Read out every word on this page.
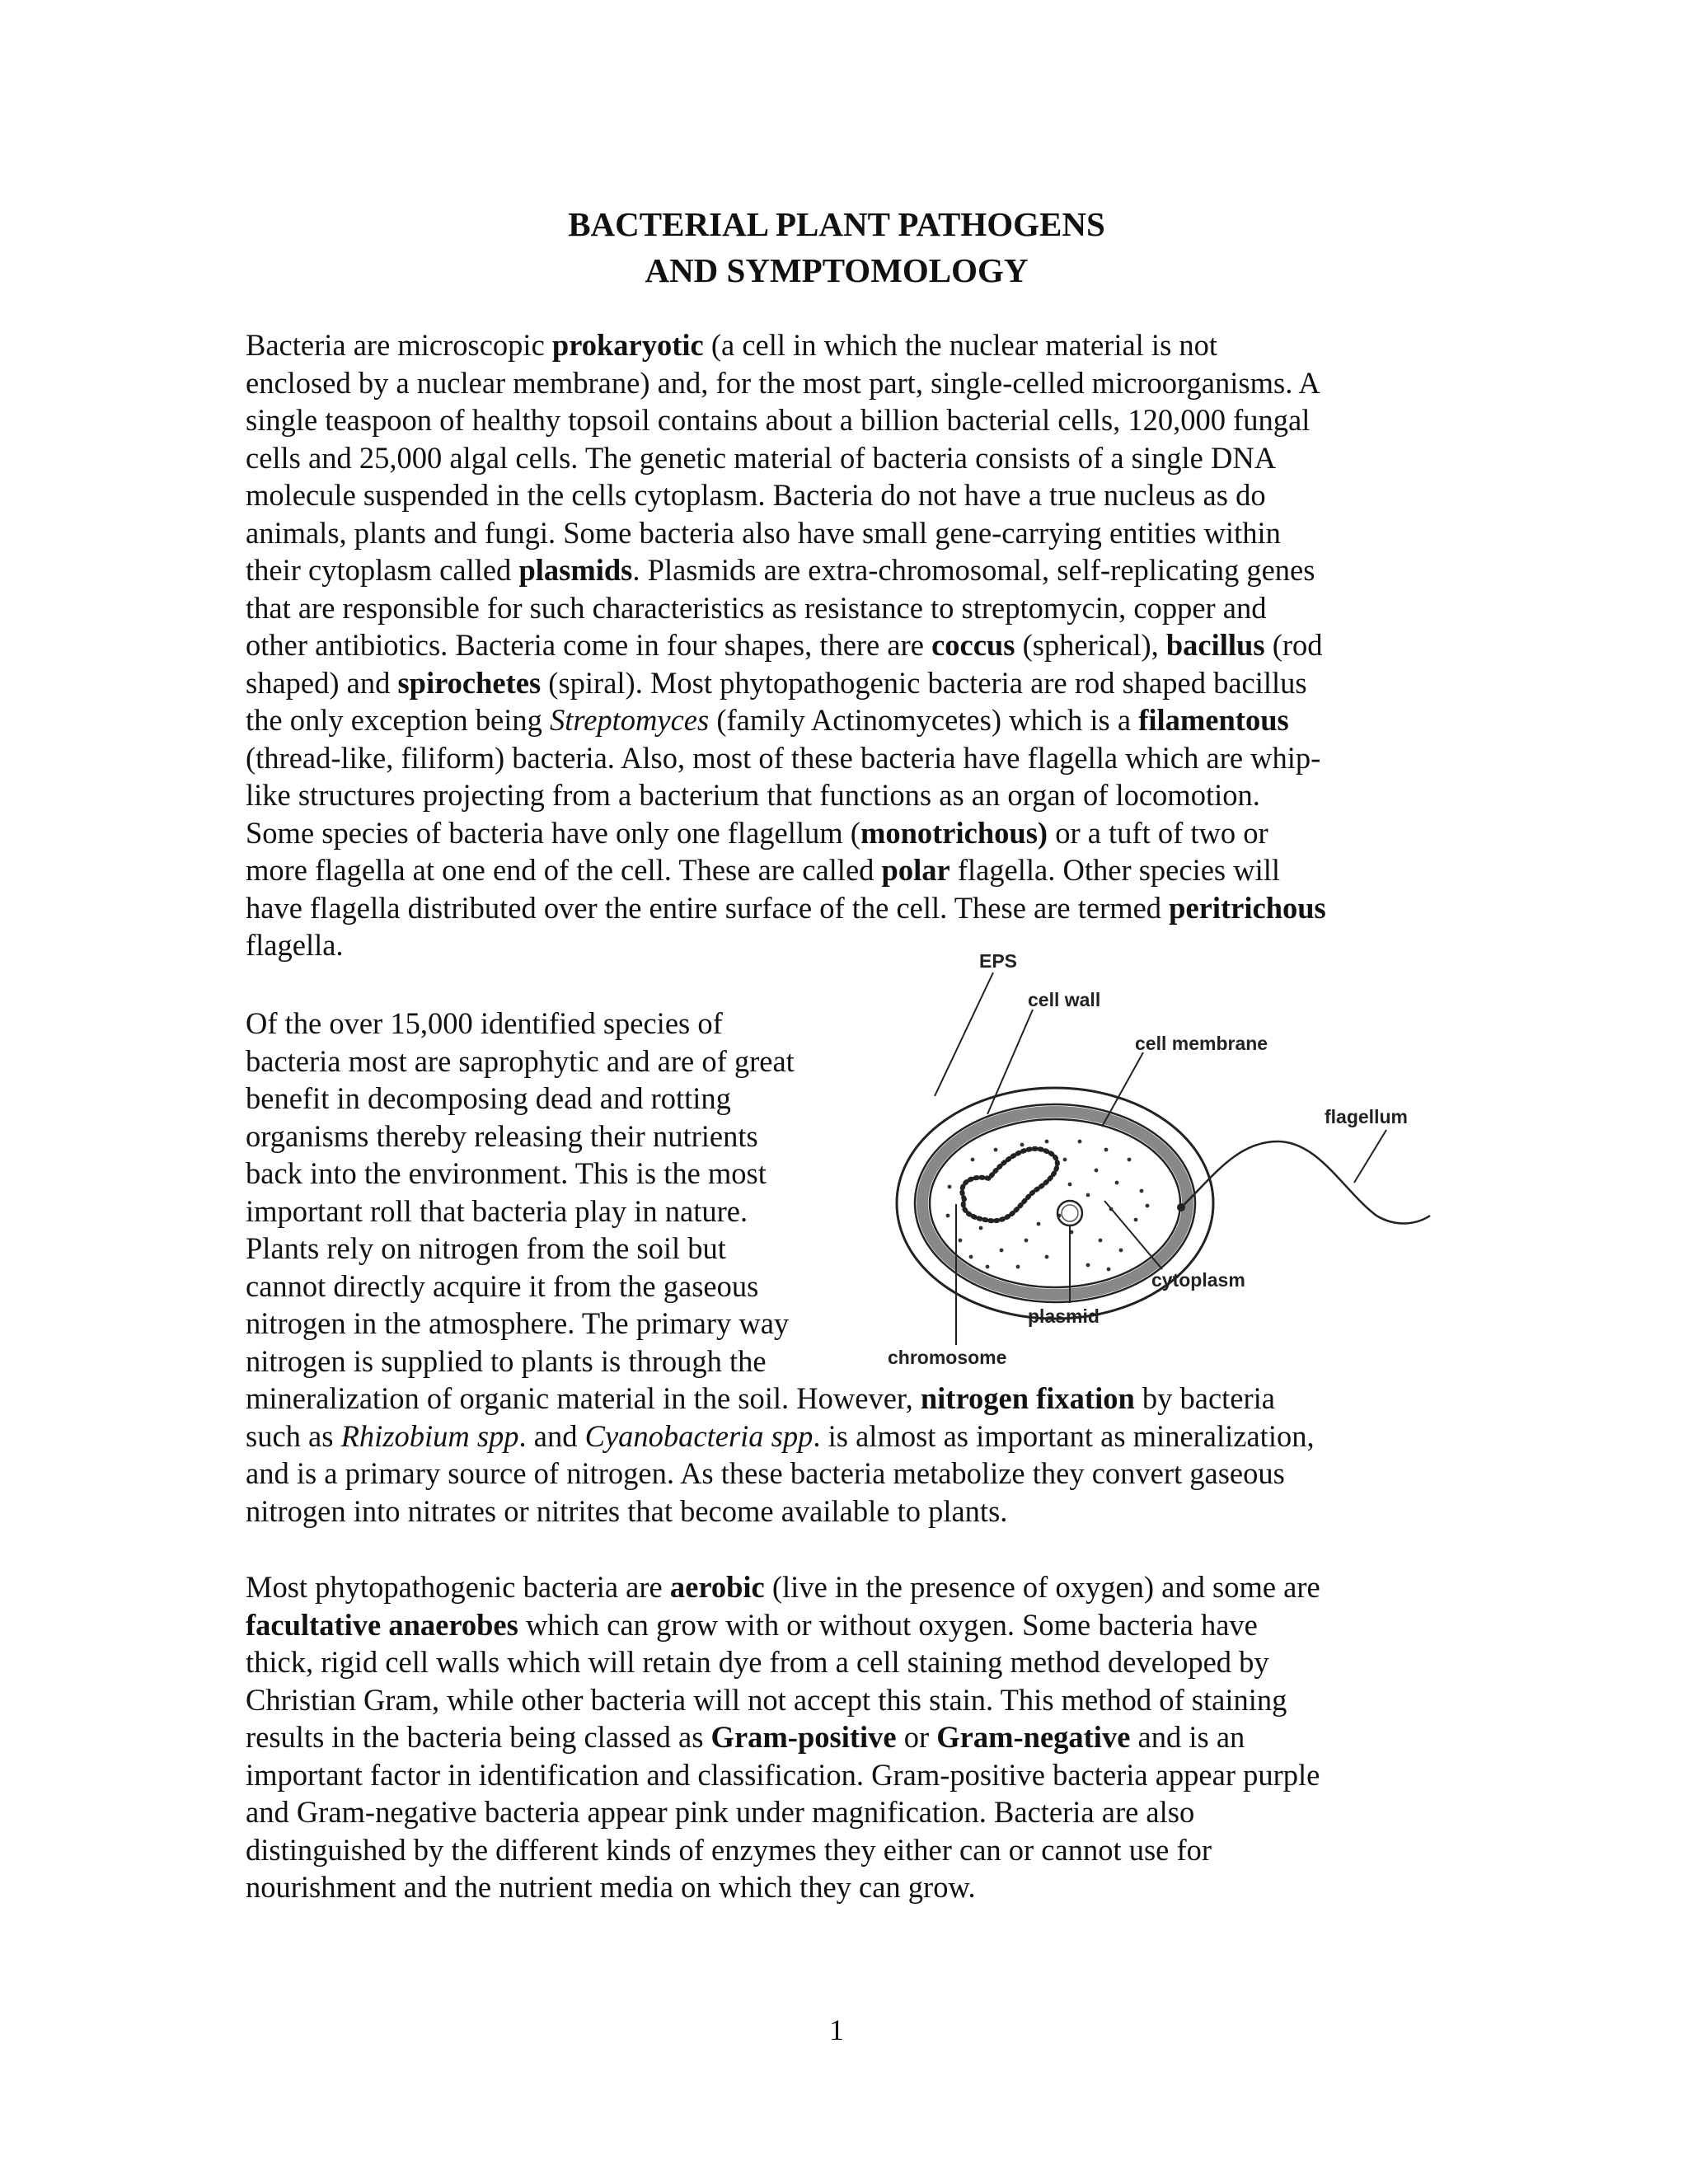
BACTERIAL PLANT PATHOGENS
AND SYMPTOMOLOGY
Bacteria are microscopic prokaryotic (a cell in which the nuclear material is not
enclosed by a nuclear membrane) and, for the most part, single-celled microorganisms. A
single teaspoon of healthy topsoil contains about a billion bacterial cells, 120,000 fungal
cells and 25,000 algal cells. The genetic material of bacteria consists of a single DNA
molecule suspended in the cells cytoplasm. Bacteria do not have a true nucleus as do
animals, plants and fungi. Some bacteria also have small gene-carrying entities within
their cytoplasm called plasmids. Plasmids are extra-chromosomal, self-replicating genes
that are responsible for such characteristics as resistance to streptomycin, copper and
other antibiotics. Bacteria come in four shapes, there are coccus (spherical), bacillus (rod
shaped) and spirochetes (spiral). Most phytopathogenic bacteria are rod shaped bacillus
the only exception being Streptomyces (family Actinomycetes) which is a filamentous
(thread-like, filiform) bacteria. Also, most of these bacteria have flagella which are whip-
like structures projecting from a bacterium that functions as an organ of locomotion.
Some species of bacteria have only one flagellum (monotrichous) or a tuft of two or
more flagella at one end of the cell. These are called polar flagella. Other species will
have flagella distributed over the entire surface of the cell. These are termed peritrichous
flagella.
Of the over 15,000 identified species of
bacteria most are saprophytic and are of great
benefit in decomposing dead and rotting
organisms thereby releasing their nutrients
back into the environment. This is the most
important roll that bacteria play in nature.
Plants rely on nitrogen from the soil but
cannot directly acquire it from the gaseous
nitrogen in the atmosphere. The primary way
nitrogen is supplied to plants is through the
mineralization of organic material in the soil. However, nitrogen fixation by bacteria
such as Rhizobium spp. and Cyanobacteria spp. is almost as important as mineralization,
and is a primary source of nitrogen. As these bacteria metabolize they convert gaseous
nitrogen into nitrates or nitrites that become available to plants.
EPS
cell wall
cell membrane
flagellum
cytoplasm
plasmid
chromosome
Most phytopathogenic bacteria are aerobic (live in the presence of oxygen) and some are
facultative anaerobes which can grow with or without oxygen. Some bacteria have
thick, rigid cell walls which will retain dye from a cell staining method developed by
Christian Gram, while other bacteria will not accept this stain. This method of staining
results in the bacteria being classed as Gram-positive or Gram-negative and is an
important factor in identification and classification. Gram-positive bacteria appear purple
and Gram-negative bacteria appear pink under magnification. Bacteria are also
distinguished by the different kinds of enzymes they either can or cannot use for
nourishment and the nutrient media on which they can grow.
1
